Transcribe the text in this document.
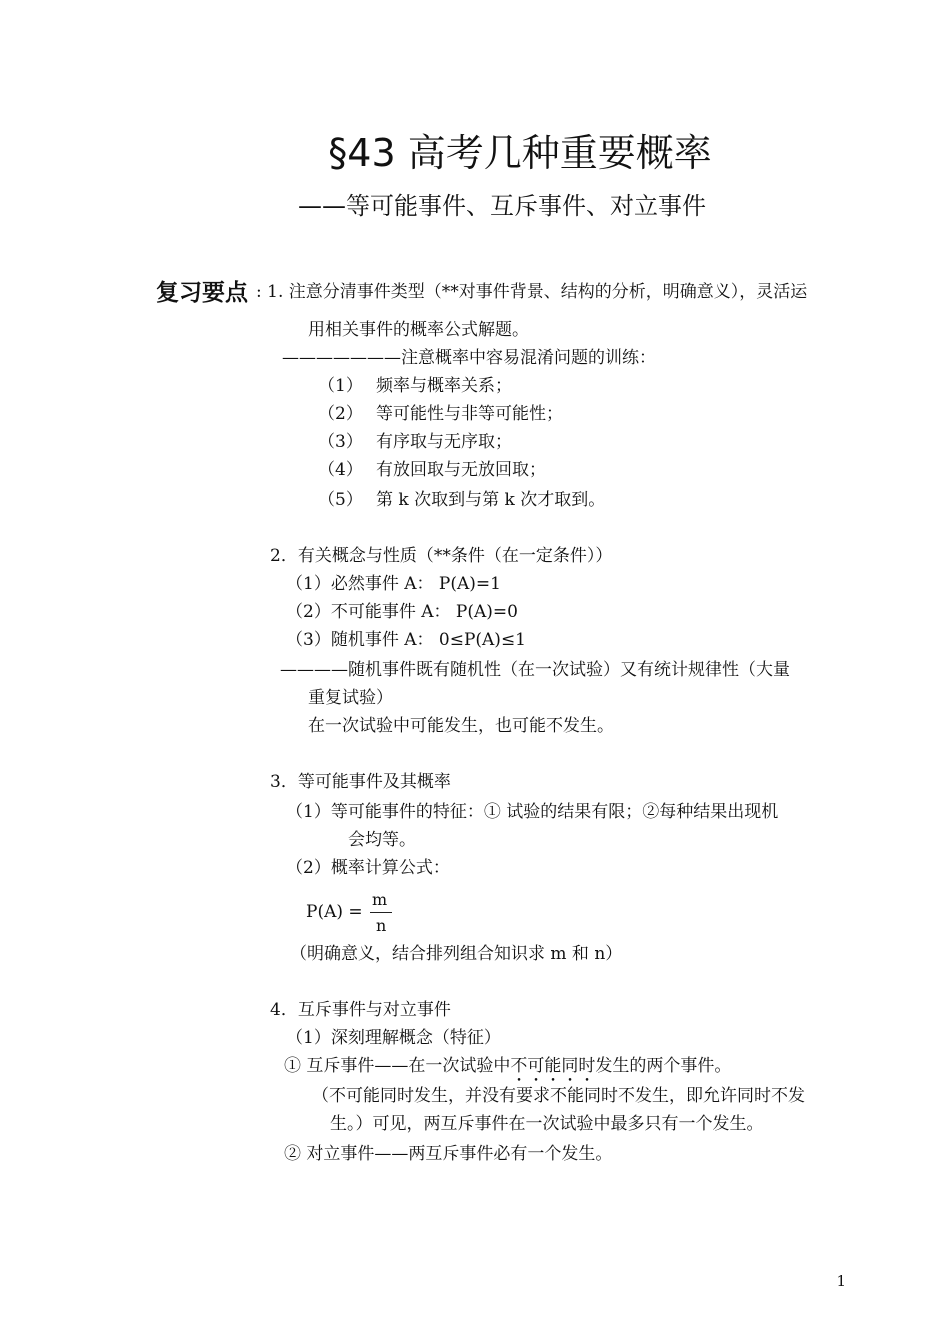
§43 高考几种重要概率
——等可能事件、互斥事件、对立事件
复习要点 : 1. 注意分清事件类型（**对事件背景、结构的分析，明确意义），灵活运
用相关事件的概率公式解题。
———————注意概率中容易混淆问题的训练：
（1） 频率与概率关系；
（2） 等可能性与非等可能性；
（3） 有序取与无序取；
（4） 有放回取与无放回取；
（5） 第 k 次取到与第 k 次才取到。
2．有关概念与性质（**条件（在一定条件））
（1）必然事件 A： P(A)=1
（2）不可能事件 A： P(A)=0
（3）随机事件 A： 0≤P(A)≤1
————随机事件既有随机性（在一次试验）又有统计规律性（大量
重复试验）
在一次试验中可能发生，也可能不发生。
3．等可能事件及其概率
（1）等可能事件的特征：① 试验的结果有限；②每种结果出现机
会均等。
（2）概率计算公式：
P(A) =
m
n
（明确意义，结合排列组合知识求 m 和 n）
4．互斥事件与对立事件
（1）深刻理解概念（特征）
① 互斥事件——在一次试验中不可能同时发生的两个事件。
（不可能同时发生，并没有要求不能同时不发生，即允许同时不发
生。）可见，两互斥事件在一次试验中最多只有一个发生。
② 对立事件——两互斥事件必有一个发生。
1
